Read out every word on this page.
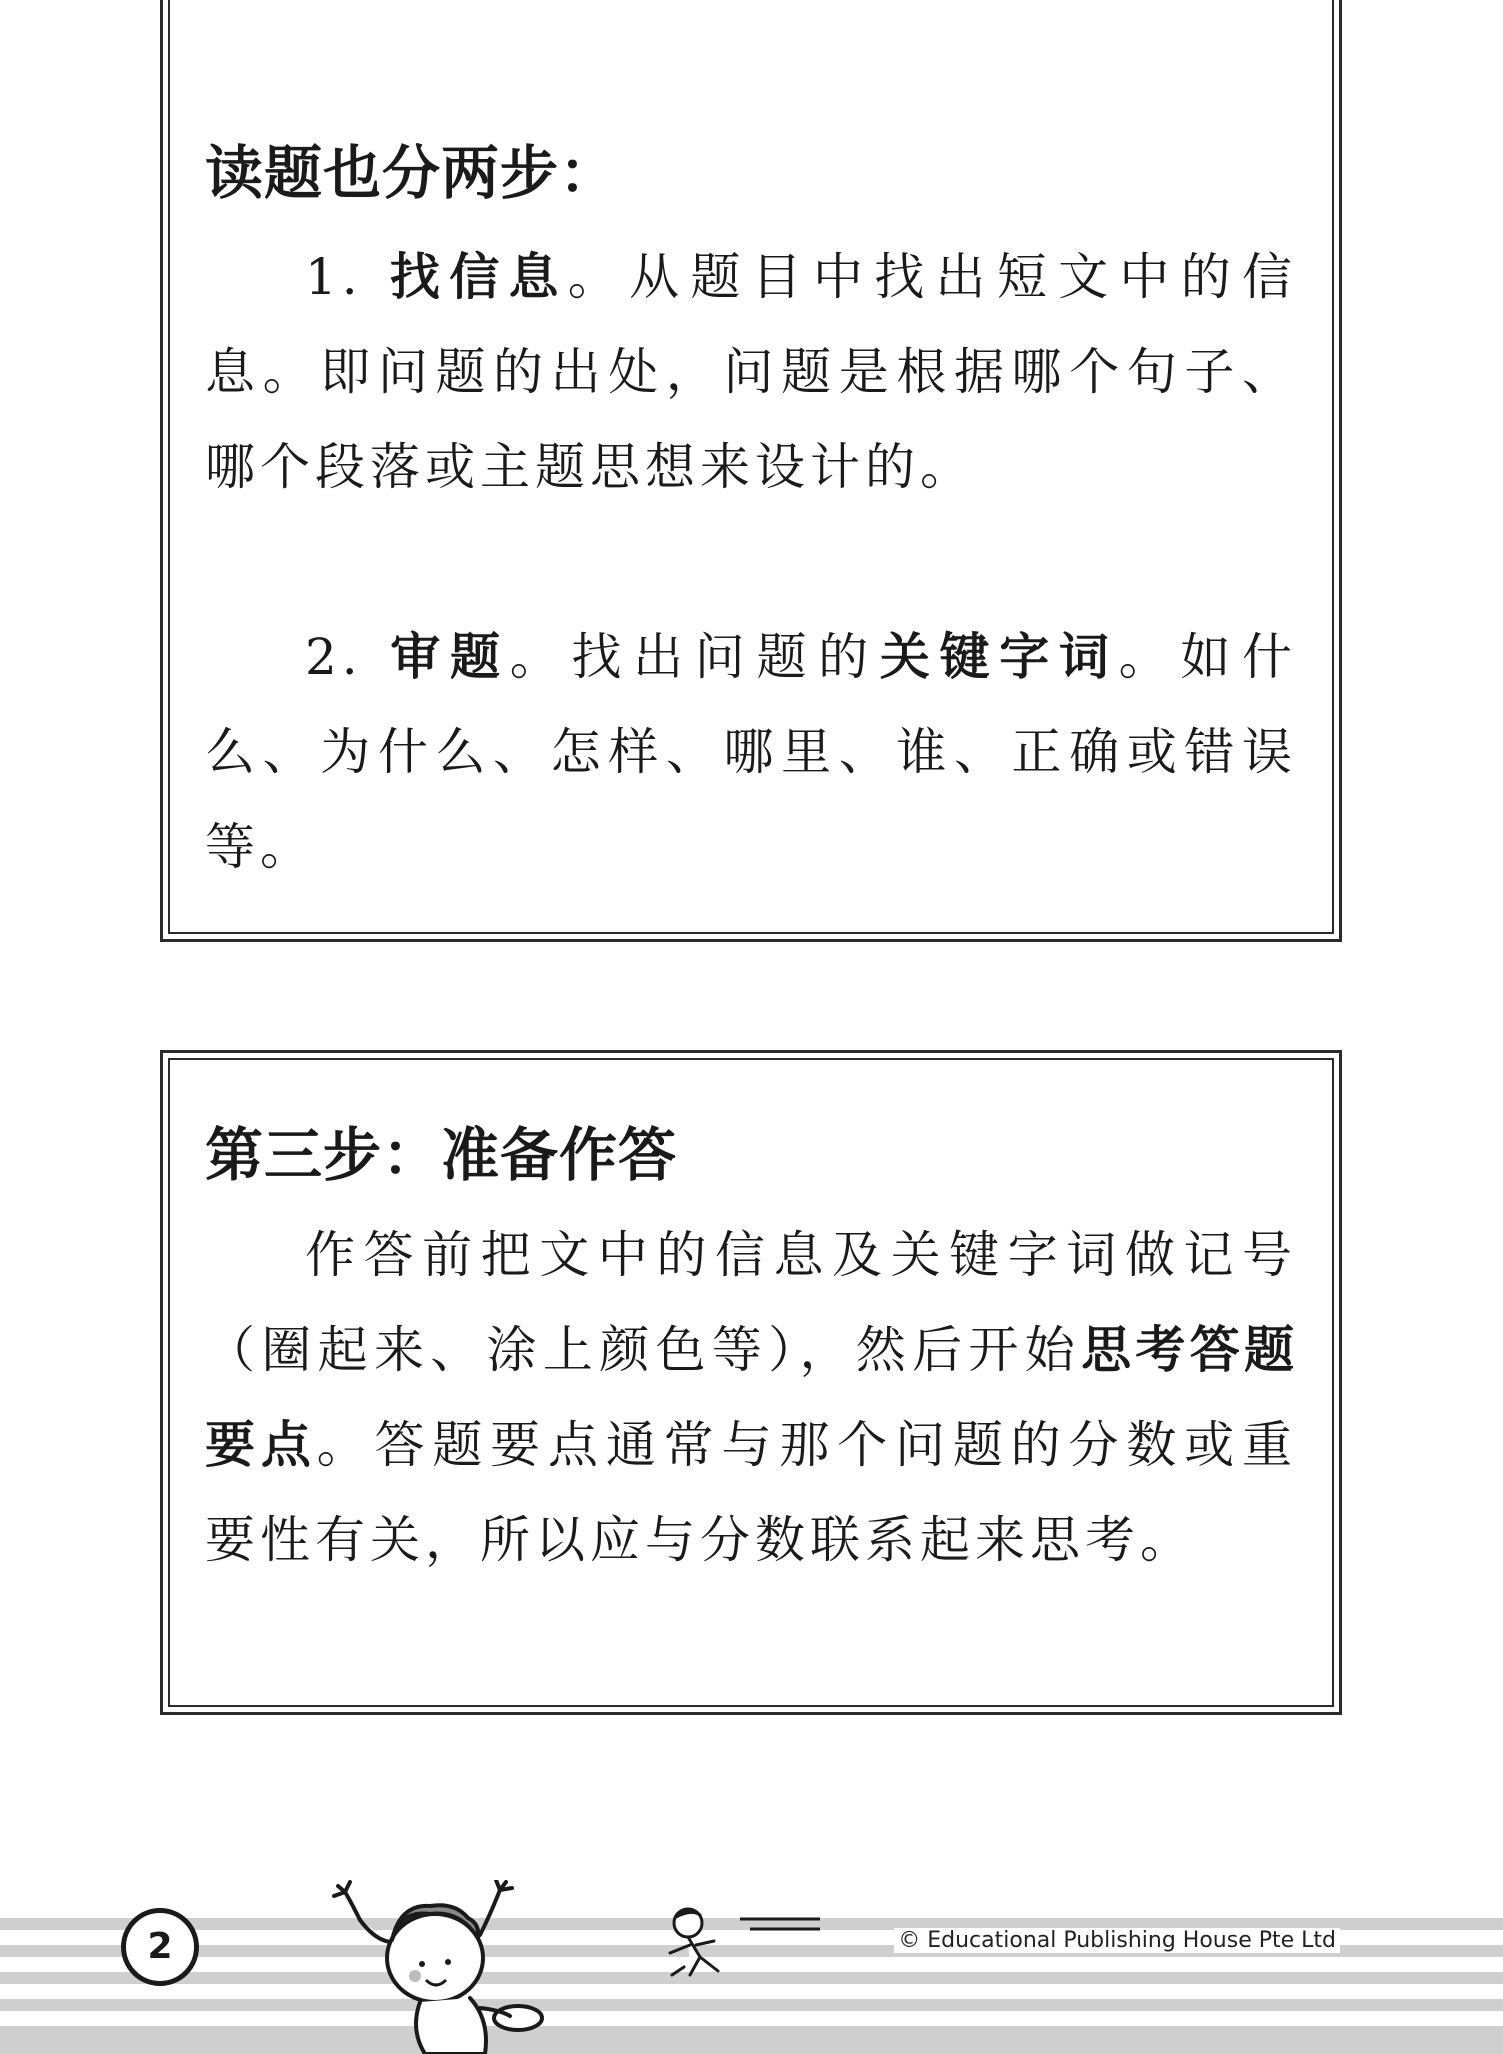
读题也分两步：

1. 找信息。从题目中找出短文中的信息。即问题的出处，问题是根据哪个句子、哪个段落或主题思想来设计的。

2. 审题。找出问题的关键字词。如什么、为什么、怎样、哪里、谁、正确或错误等。

第三步：准备作答

作答前把文中的信息及关键字词做记号（圈起来、涂上颜色等），然后开始思考答题要点。答题要点通常与那个问题的分数或重要性有关，所以应与分数联系起来思考。

2	© Educational Publishing House Pte Ltd
